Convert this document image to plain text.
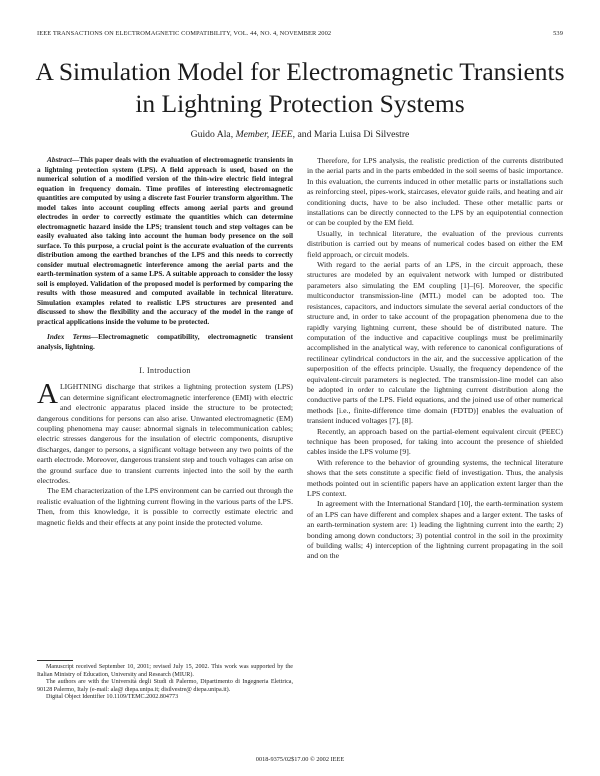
IEEE TRANSACTIONS ON ELECTROMAGNETIC COMPATIBILITY, VOL. 44, NO. 4, NOVEMBER 2002	539
A Simulation Model for Electromagnetic Transients
in Lightning Protection Systems
Guido Ala, Member, IEEE, and Maria Luisa Di Silvestre

Abstract—This paper deals with the evaluation of electromagnetic transients in a lightning protection system (LPS). A field approach is used, based on the numerical solution of a modified version of the thin-wire electric field integral equation in frequency domain. Time profiles of interesting electromagnetic quantities are computed by using a discrete fast Fourier transform algorithm. The model takes into account coupling effects among aerial parts and ground electrodes in order to correctly estimate the quantities which can determine electromagnetic hazard inside the LPS; transient touch and step voltages can be easily evaluated also taking into account the human body presence on the soil surface. To this purpose, a crucial point is the accurate evaluation of the currents distribution among the earthed branches of the LPS and this needs to correctly consider mutual electromagnetic interference among the aerial parts and the earth-termination system of a same LPS. A suitable approach to consider the lossy soil is employed. Validation of the proposed model is performed by comparing the results with those measured and computed available in technical literature. Simulation examples related to realistic LPS structures are presented and discussed to show the flexibility and the accuracy of the model in the range of practical applications inside the volume to be protected.

Index Terms—Electromagnetic compatibility, electromagnetic transient analysis, lightning.

I. Introduction

ALIGHTNING discharge that strikes a lightning protection system (LPS) can determine significant electromagnetic interference (EMI) with electric and electronic apparatus placed inside the structure to be protected; dangerous conditions for persons can also arise. Unwanted electromagnetic (EM) coupling phenomena may cause: abnormal signals in telecommunication cables; electric stresses dangerous for the insulation of electric components, disruptive discharges, danger to persons, a significant voltage between any two points of the earth electrode. Moreover, dangerous transient step and touch voltages can arise on the ground surface due to transient currents injected into the soil by the earth electrodes.

The EM characterization of the LPS environment can be carried out through the realistic evaluation of the lightning current flowing in the various parts of the LPS. Then, from this knowledge, it is possible to correctly estimate electric and magnetic fields and their effects at any point inside the protected volume.

Therefore, for LPS analysis, the realistic prediction of the currents distributed in the aerial parts and in the parts embedded in the soil seems of basic importance. In this evaluation, the currents induced in other metallic parts or installations such as reinforcing steel, pipes-work, staircases, elevator guide rails, and heating and air conditioning ducts, have to be also included. These other metallic parts or installations can be directly connected to the LPS by an equipotential connection or can be coupled by the EM field.

Usually, in technical literature, the evaluation of the previous currents distribution is carried out by means of numerical codes based on either the EM field approach, or circuit models.

With regard to the aerial parts of an LPS, in the circuit approach, these structures are modeled by an equivalent network with lumped or distributed parameters also simulating the EM coupling [1]–[6]. Moreover, the specific multiconductor transmission-line (MTL) model can be adopted too. The resistances, capacitors, and inductors simulate the several aerial conductors of the structure and, in order to take account of the propagation phenomena due to the rapidly varying lightning current, these should be of distributed nature. The computation of the inductive and capacitive couplings must be preliminarily accomplished in the analytical way, with reference to canonical configurations of rectilinear cylindrical conductors in the air, and the successive application of the superposition of the effects principle. Usually, the frequency dependence of the equivalent-circuit parameters is neglected. The transmission-line model can also be adopted in order to calculate the lightning current distribution along the conductive parts of the LPS. Field equations, and the joined use of other numerical methods [i.e., finite-difference time domain (FDTD)] enables the evaluation of transient induced voltages [7], [8].

Recently, an approach based on the partial-element equivalent circuit (PEEC) technique has been proposed, for taking into account the presence of shielded cables inside the LPS volume [9].

With reference to the behavior of grounding systems, the technical literature shows that the sets constitute a specific field of investigation. Thus, the analysis methods pointed out in scientific papers have an application extent larger than the LPS context.

In agreement with the International Standard [10], the earth-termination system of an LPS can have different and complex shapes and a larger extent. The tasks of an earth-termination system are: 1) leading the lightning current into the earth; 2) bonding among down conductors; 3) potential control in the soil in the proximity of building walls; 4) interception of the lightning current propagating in the soil and on the

Manuscript received September 10, 2001; revised July 15, 2002. This work was supported by the Italian Ministry of Education, University and Research (MIUR).

The authors are with the Università degli Studi di Palermo, Dipartimento di Ingegneria Elettrica, 90128 Palermo, Italy (e-mail: ala@ diepa.unipa.it; disilvestre@ diepa.unipa.it).

Digital Object Identifier 10.1109/TEMC.2002.804773

0018-9375/02$17.00 © 2002 IEEE
